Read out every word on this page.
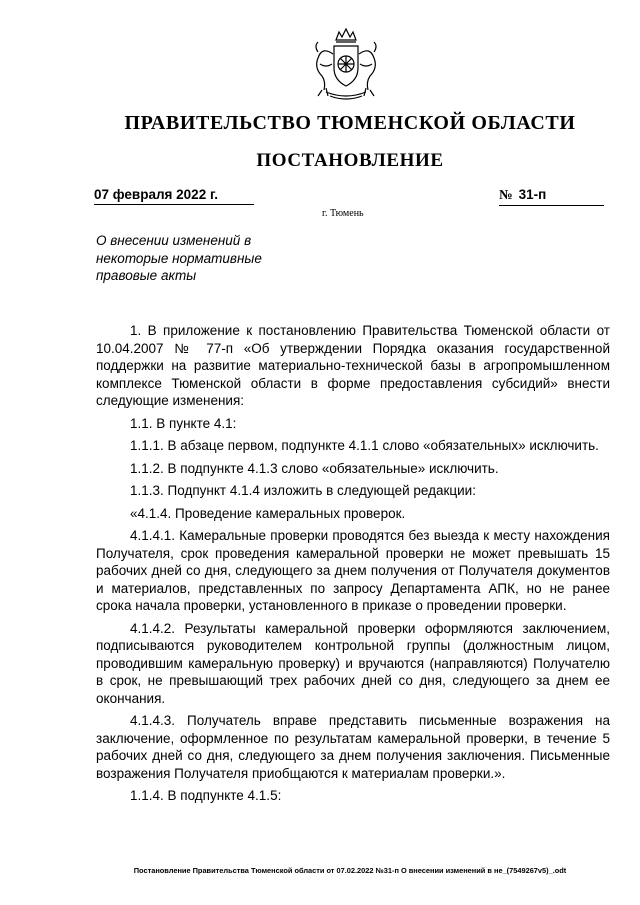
ПРАВИТЕЛЬСТВО ТЮМЕНСКОЙ ОБЛАСТИ
ПОСТАНОВЛЕНИЕ
07 февраля 2022 г.	№ 31-п
г. Тюмень
О внесении изменений в
некоторые нормативные
правовые акты

1. В приложение к постановлению Правительства Тюменской области от 10.04.2007 № 77-п «Об утверждении Порядка оказания государственной поддержки на развитие материально-технической базы в агропромышленном комплексе Тюменской области в форме предоставления субсидий» внести следующие изменения:

1.1. В пункте 4.1:

1.1.1. В абзаце первом, подпункте 4.1.1 слово «обязательных» исключить.

1.1.2. В подпункте 4.1.3 слово «обязательные» исключить.

1.1.3. Подпункт 4.1.4 изложить в следующей редакции:

«4.1.4. Проведение камеральных проверок.

4.1.4.1. Камеральные проверки проводятся без выезда к месту нахождения Получателя, срок проведения камеральной проверки не может превышать 15 рабочих дней со дня, следующего за днем получения от Получателя документов и материалов, представленных по запросу Департамента АПК, но не ранее срока начала проверки, установленного в приказе о проведении проверки.

4.1.4.2. Результаты камеральной проверки оформляются заключением, подписываются руководителем контрольной группы (должностным лицом, проводившим камеральную проверку) и вручаются (направляются) Получателю в срок, не превышающий трех рабочих дней со дня, следующего за днем ее окончания.

4.1.4.3. Получатель вправе представить письменные возражения на заключение, оформленное по результатам камеральной проверки, в течение 5 рабочих дней со дня, следующего за днем получения заключения. Письменные возражения Получателя приобщаются к материалам проверки.».

1.1.4. В подпункте 4.1.5:

Постановление Правительства Тюменской области от 07.02.2022 №31-п О внесении изменений в не_(7549267v5)_.odt
